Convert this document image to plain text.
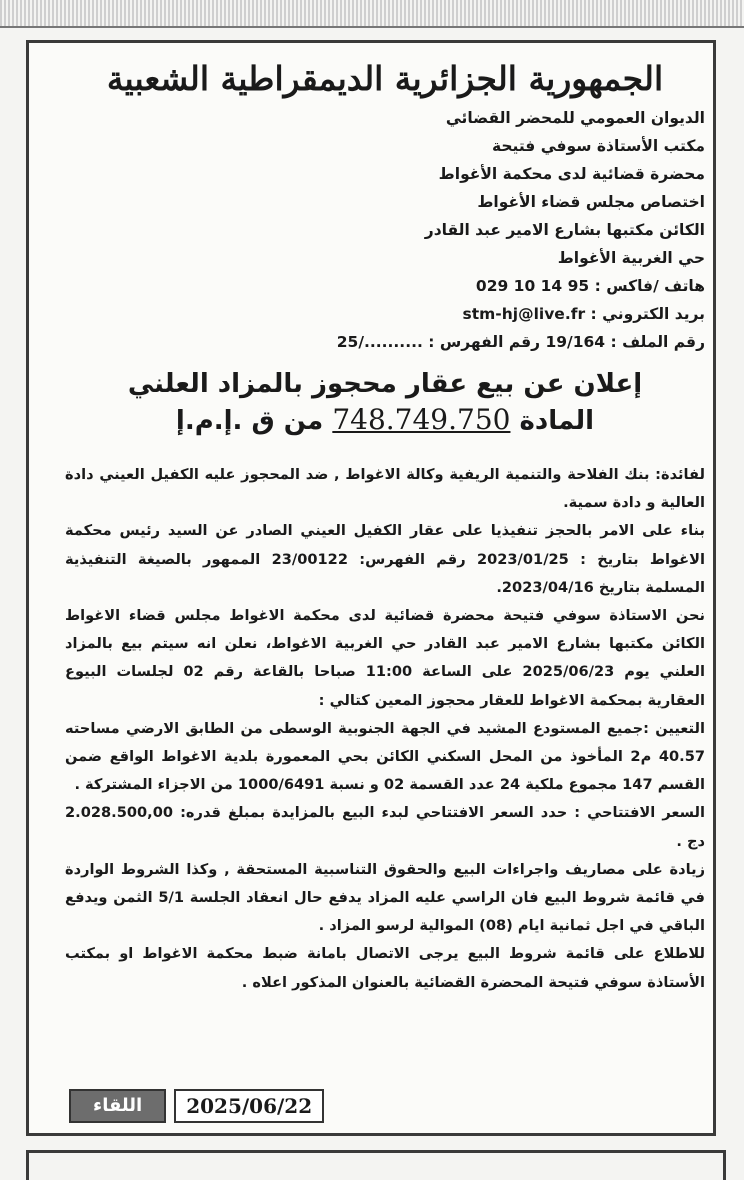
الجمهورية الجزائرية الديمقراطية الشعبية
الديوان العمومي للمحضر القضائي
مكتب الأستاذة سوفي فتيحة
محضرة قضائية لدى محكمة الأغواط
اختصاص مجلس قضاء الأغواط
الكائن مكتبها بشارع الامير عبد القادر
حي الغربية الأغواط
هاتف /فاكس : 029 10 14 95
بريد الكتروني : stm-hj@live.fr
رقم الملف : 19/164 رقم الفهرس : 25/..........
إعلان عن بيع عقار محجوز بالمزاد العلني
المادة 748.749.750 من ق .إ.م.إ

لفائدة: بنك الفلاحة والتنمية الريفية وكالة الاغواط , ضد المحجوز عليه الكفيل العيني دادة العالية و دادة سمية.

بناء على الامر بالحجز تنفيذيا على عقار الكفيل العيني الصادر عن السيد رئيس محكمة الاغواط بتاريخ : 2023/01/25 رقم الفهرس: 23/00122 الممهور بالصيغة التنفيذية المسلمة بتاريخ 2023/04/16.

نحن الاستاذة سوفي فتيحة محضرة قضائية لدى محكمة الاغواط مجلس قضاء الاغواط الكائن مكتبها بشارع الامير عبد القادر حي الغربية الاغواط، نعلن انه سيتم بيع بالمزاد العلني يوم 2025/06/23 على الساعة 11:00 صباحا بالقاعة رقم 02 لجلسات البيوع العقارية بمحكمة الاغواط للعقار محجوز المعين كتالي :

التعيين :جميع المستودع المشيد في الجهة الجنوبية الوسطى من الطابق الارضي مساحته 40.57 م2 المأخوذ من المحل السكني الكائن بحي المعمورة بلدية الاغواط الواقع ضمن القسم 147 مجموع ملكية 24 عدد القسمة 02 و نسبة 1000/6491 من الاجزاء المشتركة .

السعر الافتتاحي : حدد السعر الافتتاحي لبدء البيع بالمزايدة بمبلغ قدره: 2.028.500,00 دج .

زيادة على مصاريف واجراءات البيع والحقوق التناسبية المستحقة , وكذا الشروط الواردة في قائمة شروط البيع فان الراسي عليه المزاد يدفع حال انعقاد الجلسة 5/1 الثمن ويدفع الباقي في اجل ثمانية ايام (08) الموالية لرسو المزاد .

للاطلاع على قائمة شروط البيع يرجى الاتصال بامانة ضبط محكمة الاغواط او بمكتب الأستاذة سوفي فتيحة المحضرة القضائية بالعنوان المذكور اعلاه .

اللقاء	2025/06/22
